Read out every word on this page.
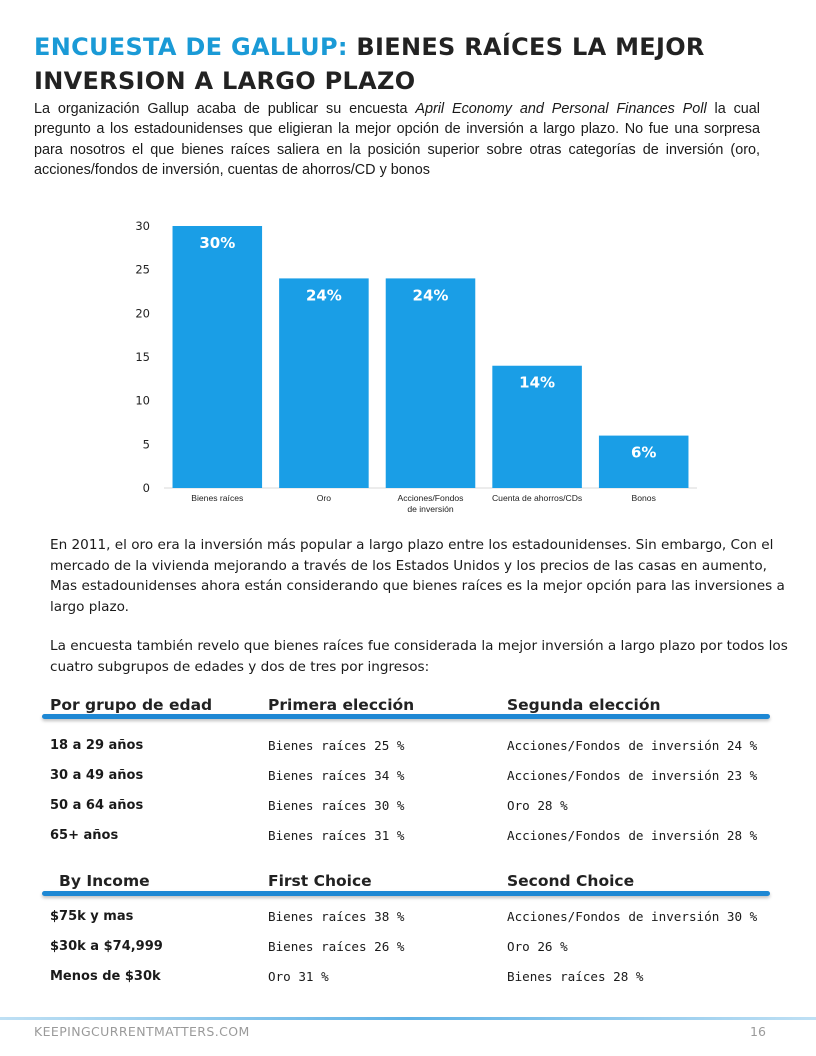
ENCUESTA DE GALLUP: BIENES RAÍCES LA MEJOR INVERSION A LARGO PLAZO
La organización Gallup acaba de publicar su encuesta April Economy and Personal Finances Poll la cual pregunto a los estadounidenses que eligieran la mejor opción de inversión a largo plazo. No fue una sorpresa para nosotros el que bienes raíces saliera en la posición superior sobre otras categorías de inversión (oro, acciones/fondos de inversión, cuentas de ahorros/CD y bonos
0
5
10
15
20
25
30
30%
Bienes raíces
24%
Oro
24%
Acciones/Fondos de inversión
14%
Cuenta de ahorros/CDs
6%
Bonos
En 2011, el oro era la inversión más popular a largo plazo entre los estadounidenses. Sin embargo, Con el mercado de la vivienda mejorando a través de los Estados Unidos y los precios de las casas en aumento, Mas estadounidenses ahora están considerando que bienes raíces es la mejor opción para las inversiones a largo plazo.
La encuesta también revelo que bienes raíces fue considerada la mejor inversión a largo plazo por todos los cuatro subgrupos de edades y dos de tres por ingresos:
Por grupo de edad	Primera elección	Segunda elección
18 a 29 años	Bienes raíces 25 %	Acciones/Fondos de inversión 24 %
30 a 49 años	Bienes raíces 34 %	Acciones/Fondos de inversión 23 %
50 a 64 años	Bienes raíces 30 %	Oro 28 %
65+ años	Bienes raíces 31 %	Acciones/Fondos de inversión 28 %
By Income	First Choice	Second Choice
$75k y mas	Bienes raíces 38 %	Acciones/Fondos de inversión 30 %
$30k a $74,999	Bienes raíces 26 %	Oro 26 %
Menos de $30k	Oro 31 %	Bienes raíces 28 %
KEEPINGCURRENTMATTERS.COM	16
